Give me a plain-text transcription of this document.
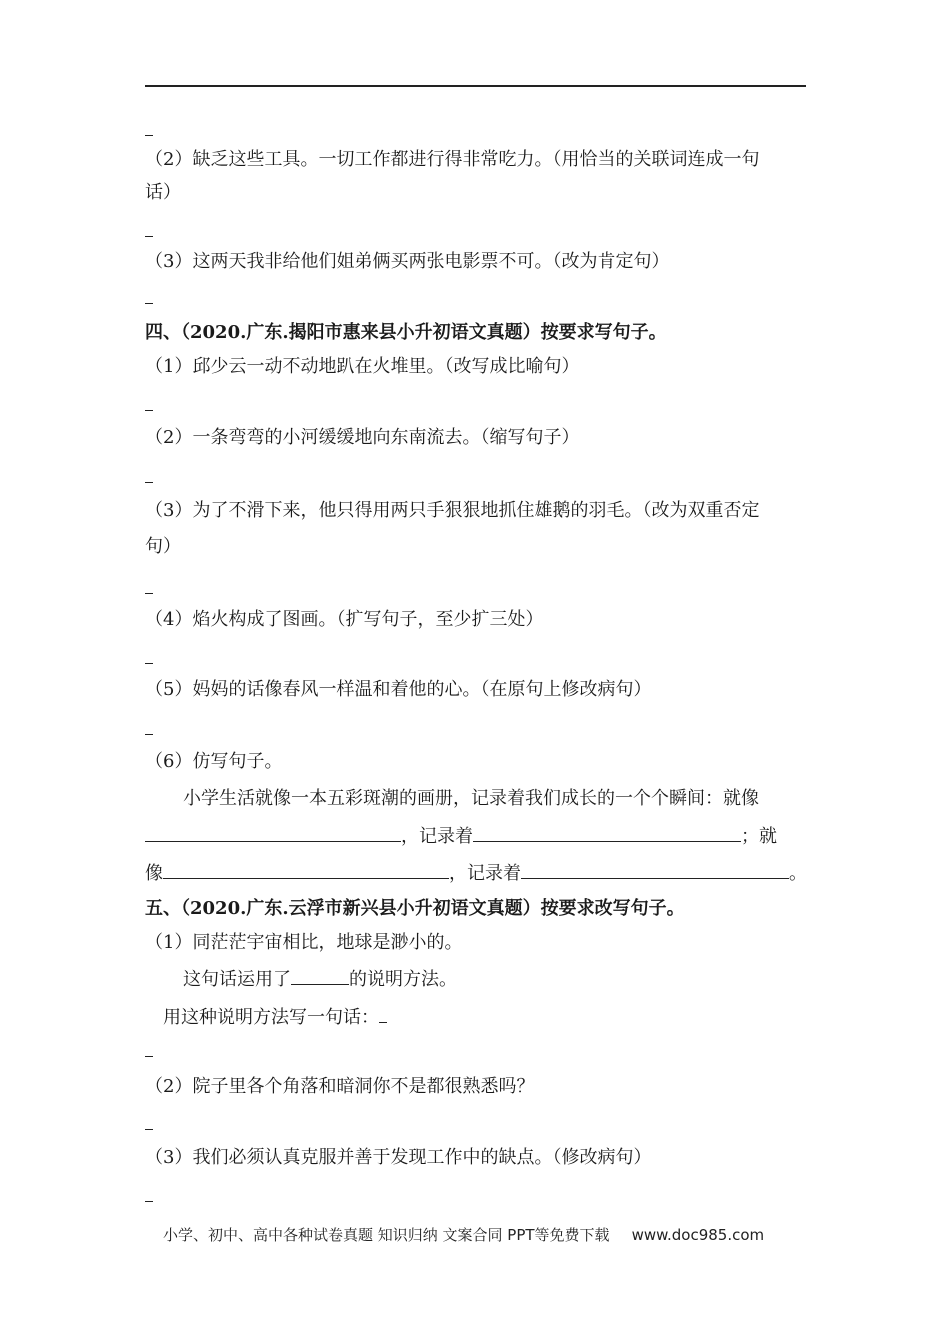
（2）缺乏这些工具。一切工作都进行得非常吃力。（用恰当的关联词连成一句
话）
（3）这两天我非给他们姐弟俩买两张电影票不可。（改为肯定句）
四、（2020.广东.揭阳市惠来县小升初语文真题）按要求写句子。
（1）邱少云一动不动地趴在火堆里。（改写成比喻句）
（2）一条弯弯的小河缓缓地向东南流去。（缩写句子）
（3）为了不滑下来，他只得用两只手狠狠地抓住雄鹅的羽毛。（改为双重否定
句）
（4）焰火构成了图画。（扩写句子，至少扩三处）
（5）妈妈的话像春风一样温和着他的心。（在原句上修改病句）
（6）仿写句子。
小学生活就像一本五彩斑潮的画册，记录着我们成长的一个个瞬间：就像
，记录着	；就
像	，记录着	。
五、（2020.广东.云浮市新兴县小升初语文真题）按要求改写句子。
（1）同茫茫宇宙相比，地球是渺小的。
这句话运用了	的说明方法。
用这种说明方法写一句话：
（2）院子里各个角落和暗洞你不是都很熟悉吗？
（3）我们必须认真克服并善于发现工作中的缺点。（修改病句）
小学、初中、高中各种试卷真题 知识归纳 文案合同 PPT等免费下载 www.doc985.com
